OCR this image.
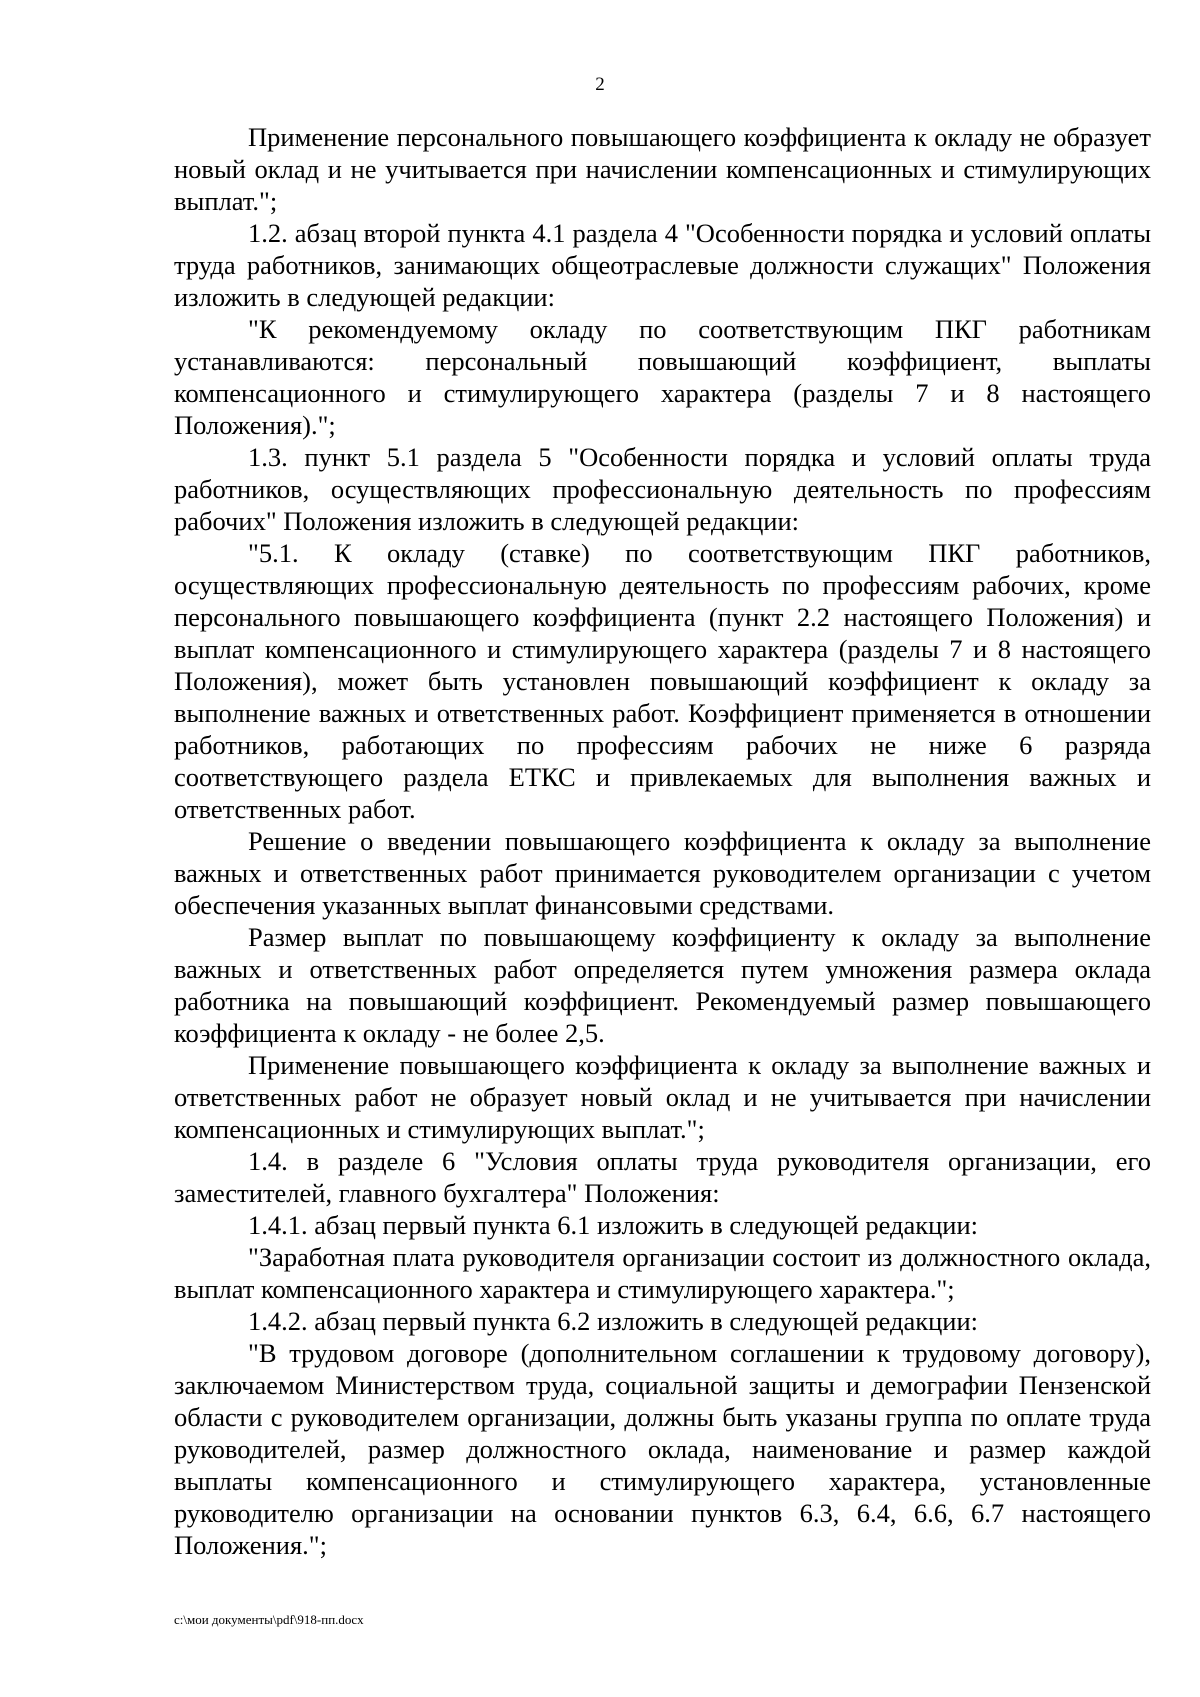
2

Применение персонального повышающего коэффициента к окладу не образует новый оклад и не учитывается при начислении компенсационных и стимулирующих выплат.";

1.2. абзац второй пункта 4.1 раздела 4 "Особенности порядка и условий оплаты труда работников, занимающих общеотраслевые должности служащих" Положения изложить в следующей редакции:

"К рекомендуемому окладу по соответствующим ПКГ работникам устанавливаются: персональный повышающий коэффициент, выплаты компенсационного и стимулирующего характера (разделы 7 и 8 настоящего Положения).";

1.3. пункт 5.1 раздела 5 "Особенности порядка и условий оплаты труда работников, осуществляющих профессиональную деятельность по профессиям рабочих" Положения изложить в следующей редакции:

"5.1. К окладу (ставке) по соответствующим ПКГ работников, осуществляющих профессиональную деятельность по профессиям рабочих, кроме персонального повышающего коэффициента (пункт 2.2 настоящего Положения) и выплат компенсационного и стимулирующего характера (разделы 7 и 8 настоящего Положения), может быть установлен повышающий коэффициент к окладу за выполнение важных и ответственных работ. Коэффициент применяется в отношении работников, работающих по профессиям рабочих не ниже 6 разряда соответствующего раздела ЕТКС и привлекаемых для выполнения важных и ответственных работ.

Решение о введении повышающего коэффициента к окладу за выполнение важных и ответственных работ принимается руководителем организации с учетом обеспечения указанных выплат финансовыми средствами.

Размер выплат по повышающему коэффициенту к окладу за выполнение важных и ответственных работ определяется путем умножения размера оклада работника на повышающий коэффициент. Рекомендуемый размер повышающего коэффициента к окладу - не более 2,5.

Применение повышающего коэффициента к окладу за выполнение важных и ответственных работ не образует новый оклад и не учитывается при начислении компенсационных и стимулирующих выплат.";

1.4. в разделе 6 "Условия оплаты труда руководителя организации, его заместителей, главного бухгалтера" Положения:

1.4.1. абзац первый пункта 6.1 изложить в следующей редакции:

"Заработная плата руководителя организации состоит из должностного оклада, выплат компенсационного характера и стимулирующего характера.";

1.4.2. абзац первый пункта 6.2 изложить в следующей редакции:

"В трудовом договоре (дополнительном соглашении к трудовому договору), заключаемом Министерством труда, социальной защиты и демографии Пензенской области с руководителем организации, должны быть указаны группа по оплате труда руководителей, размер должностного оклада, наименование и размер каждой выплаты компенсационного и стимулирующего характера, установленные руководителю организации на основании пунктов 6.3, 6.4, 6.6, 6.7 настоящего Положения.";

c:\мои документы\pdf\918-пп.docx
